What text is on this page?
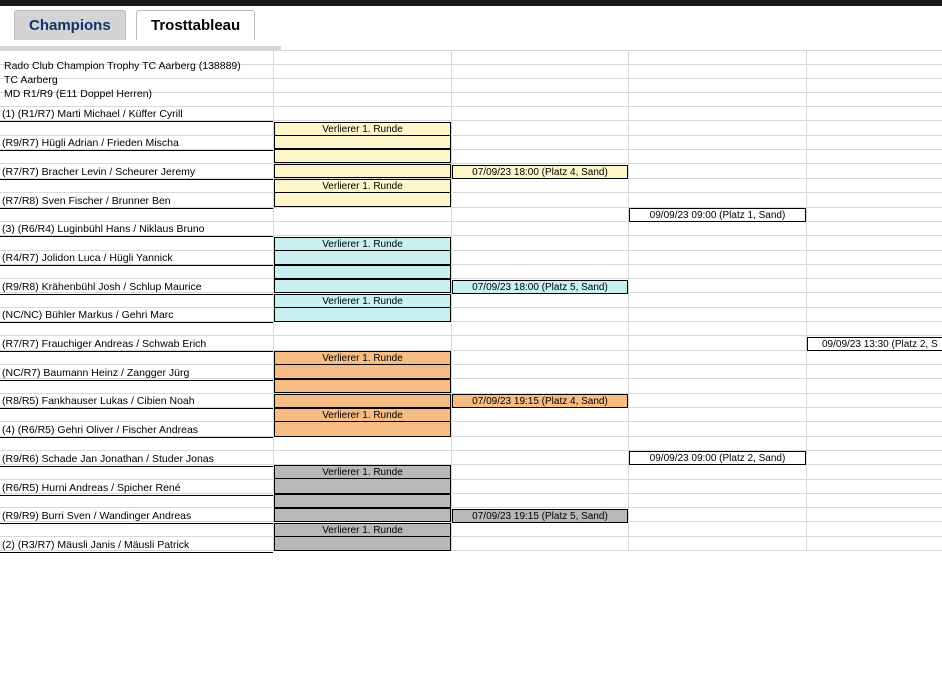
Champions	Trosttableau
Rado Club Champion Trophy TC Aarberg (138889)
TC Aarberg
MD R1/R9 (E11 Doppel Herren)
Verlierer 1. Runde
Verlierer 1. Runde
07/09/23 18:00 (Platz 4, Sand)
Verlierer 1. Runde
Verlierer 1. Runde
07/09/23 18:00 (Platz 5, Sand)
Verlierer 1. Runde
Verlierer 1. Runde
07/09/23 19:15 (Platz 4, Sand)
Verlierer 1. Runde
Verlierer 1. Runde
07/09/23 19:15 (Platz 5, Sand)
09/09/23 09:00 (Platz 1, Sand)
09/09/23 09:00 (Platz 2, Sand)
09/09/23 13:30 (Platz 2, S
(1) (R1/R7) Marti Michael / Küffer Cyrill
(R9/R7) Hügli Adrian / Frieden Mischa
(R7/R7) Bracher Levin / Scheurer Jeremy
(R7/R8) Sven Fischer / Brunner Ben
(3) (R6/R4) Luginbühl Hans / Niklaus Bruno
(R4/R7) Jolidon Luca / Hügli Yannick
(R9/R8) Krähenbühl Josh / Schlup Maurice
(NC/NC) Bühler Markus / Gehri Marc
(R7/R7) Frauchiger Andreas / Schwab Erich
(NC/R7) Baumann Heinz / Zangger Jürg
(R8/R5) Fankhauser Lukas / Cibien Noah
(4) (R6/R5) Gehri Oliver / Fischer Andreas
(R9/R6) Schade Jan Jonathan / Studer Jonas
(R6/R5) Hurni Andreas / Spicher René
(R9/R9) Burri Sven / Wandinger Andreas
(2) (R3/R7) Mäusli Janis / Mäusli Patrick
